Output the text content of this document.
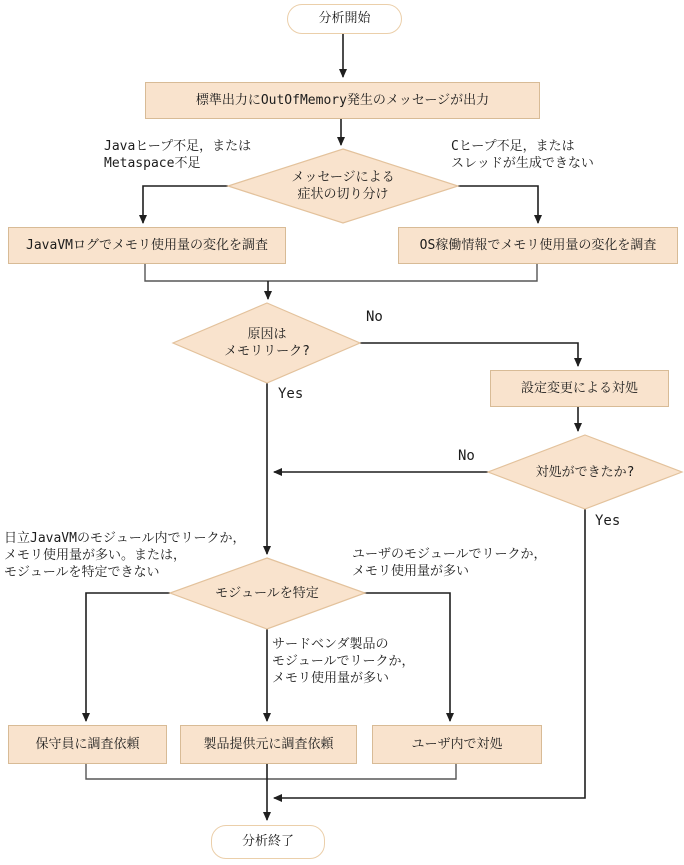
分析開始
分析終了
標準出力にOutOfMemory発生のメッセージが出力
JavaVMログでメモリ使用量の変化を調査	OS稼働情報でメモリ使用量の変化を調査
設定変更による対処
保守員に調査依頼	製品提供元に調査依頼	ユーザ内で対処
メッセージによる
症状の切り分け
原因は
メモリリーク?
対処ができたか?
モジュールを特定
Javaヒープ不足，または
Metaspace不足
Cヒープ不足，または
スレッドが生成できない
日立JavaVMのモジュール内でリークか，
メモリ使用量が多い。または，
モジュールを特定できない
ユーザのモジュールでリークか，
メモリ使用量が多い
サードベンダ製品の
モジュールでリークか，
メモリ使用量が多い
No
Yes
No
Yes
